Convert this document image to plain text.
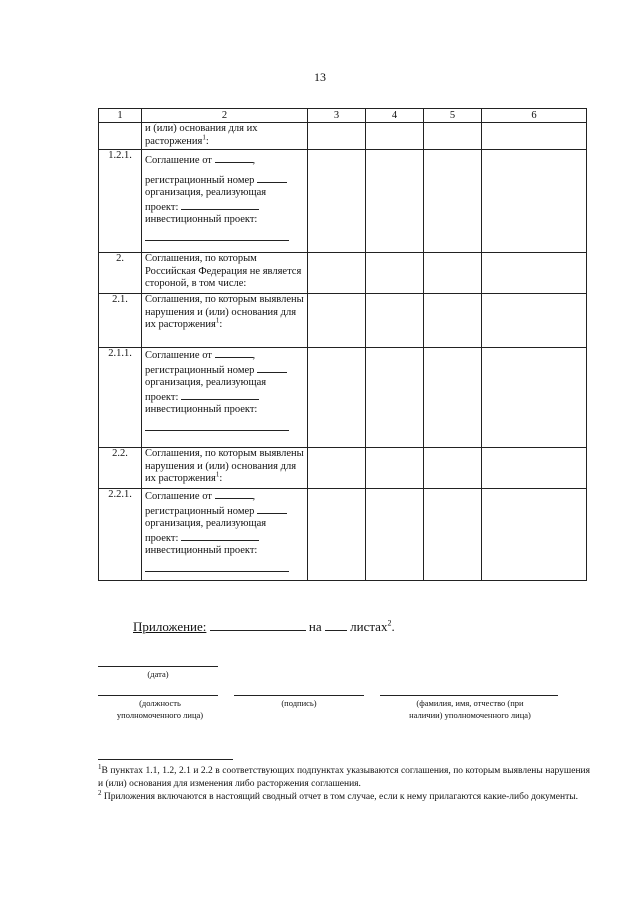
13
1	2	3	4	5	6
	и (или) основания для их расторжения$^1$:				
1.2.1.	Соглашение от ,
регистрационный номер
организация, реализующая
проект:
инвестиционный проект:				

2.	Соглашения, по которым Российская Федерация не является стороной, в том числе:				
2.1.	Соглашения, по которым выявлены нарушения и (или) основания для их расторжения$^1$:				
2.1.1.	Соглашение от ,
регистрационный номер
организация, реализующая
проект:
инвестиционный проект:				

2.2.	Соглашения, по которым выявлены нарушения и (или) основания для их расторжения$^1$:				
2.2.1.	Соглашение от ,
регистрационный номер
организация, реализующая
проект:
инвестиционный проект:				

Приложение:	на листах$^2$.
(дата)
(должность
уполномоченного лица)
(подпись)	(фамилия, имя, отчество (при
наличии) уполномоченного лица)

$^1$В пунктах 1.1, 1.2, 2.1 и 2.2 в соответствующих подпунктах указываются соглашения, по которым выявлены нарушения и (или) основания для изменения либо расторжения соглашения.

$^2$ Приложения включаются в настоящий сводный отчет в том случае, если к нему прилагаются какие-либо документы.
